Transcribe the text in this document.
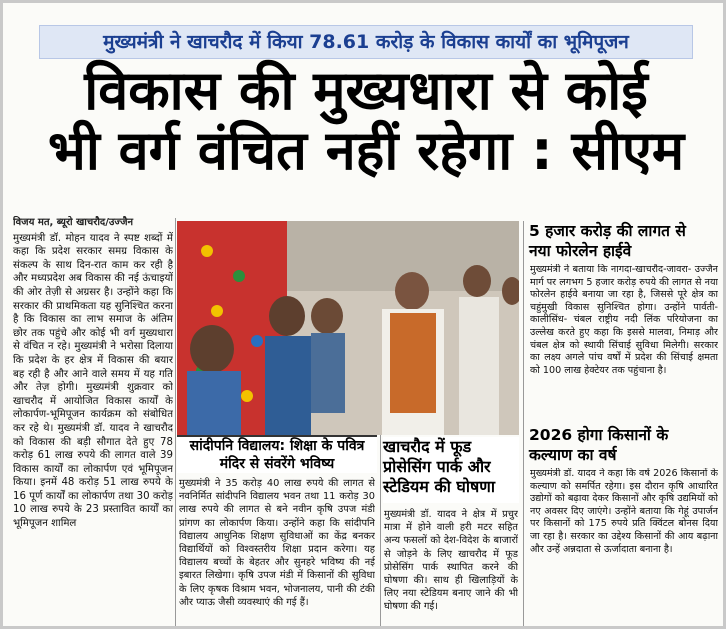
मुख्यमंत्री ने खाचरौद में किया 78.61 करोड़ के विकास कार्यों का भूमिपूजन
विकास की मुख्यधारा से कोई
भी वर्ग वंचित नहीं रहेगा : सीएम
विजय मत, ब्यूरो खाचरौद/उज्जैन

मुख्यमंत्री डॉ. मोहन यादव ने स्पष्ट शब्दों में कहा कि प्रदेश सरकार समग्र विकास के संकल्प के साथ दिन-रात काम कर रही है और मध्यप्रदेश अब विकास की नई ऊंचाइयों की ओर तेज़ी से अग्रसर है। उन्होंने कहा कि सरकार की प्राथमिकता यह सुनिश्चित करना है कि विकास का लाभ समाज के अंतिम छोर तक पहुंचे और कोई भी वर्ग मुख्यधारा से वंचित न रहे। मुख्यमंत्री ने भरोसा दिलाया कि प्रदेश के हर क्षेत्र में विकास की बयार बह रही है और आने वाले समय में यह गति और तेज़ होगी। मुख्यमंत्री शुक्रवार को खाचरौद में आयोजित विकास कार्यों के लोकार्पण-भूमिपूजन कार्यक्रम को संबोधित कर रहे थे। मुख्यमंत्री डॉ. यादव ने खाचरौद को विकास की बड़ी सौगात देते हुए 78 करोड़ 61 लाख रुपये की लागत वाले 39 विकास कार्यों का लोकार्पण एवं भूमिपूजन किया। इनमें 48 करोड़ 51 लाख रुपये के 16 पूर्ण कार्यों का लोकार्पण तथा 30 करोड़ 10 लाख रुपये के 23 प्रस्तावित कार्यों का भूमिपूजन शामिल

सांदीपनि विद्यालय: शिक्षा के पवित्र
मंदिर से संवरेंगे भविष्य

मुख्यमंत्री ने 35 करोड़ 40 लाख रुपये की लागत से नवनिर्मित सांदीपनि विद्यालय भवन तथा 11 करोड़ 30 लाख रुपये की लागत से बने नवीन कृषि उपज मंडी प्रांगण का लोकार्पण किया। उन्होंने कहा कि सांदीपनि विद्यालय आधुनिक शिक्षण सुविधाओं का केंद्र बनकर विद्यार्थियों को विश्वस्तरीय शिक्षा प्रदान करेगा। यह विद्यालय बच्चों के बेहतर और सुनहरे भविष्य की नई इबारत लिखेगा। कृषि उपज मंडी में किसानों की सुविधा के लिए कृषक विश्राम भवन, भोजनालय, पानी की टंकी और प्याऊ जैसी व्यवस्थाएं की गई हैं।

खाचरौद में फूड
प्रोसेसिंग पार्क और
स्टेडियम की घोषणा

मुख्यमंत्री डॉ. यादव ने क्षेत्र में प्रचुर मात्रा में होने वाली हरी मटर सहित अन्य फसलों को देश-विदेश के बाजारों से जोड़ने के लिए खाचरौद में फूड प्रोसेसिंग पार्क स्थापित करने की घोषणा की। साथ ही खिलाड़ियों के लिए नया स्टेडियम बनाए जाने की भी घोषणा की गई।

5 हजार करोड़ की लागत से
नया फोरलेन हाईवे

मुख्यमंत्री ने बताया कि नागदा-खाचरौद-जावरा- उज्जैन मार्ग पर लगभग 5 हजार करोड़ रुपये की लागत से नया फोरलेन हाईवे बनाया जा रहा है, जिससे पूरे क्षेत्र का चहुंमुखी विकास सुनिश्चित होगा। उन्होंने पार्वती- कालीसिंध- चंबल राष्ट्रीय नदी लिंक परियोजना का उल्लेख करते हुए कहा कि इससे मालवा, निमाड़ और चंबल क्षेत्र को स्थायी सिंचाई सुविधा मिलेगी। सरकार का लक्ष्य अगले पांच वर्षों में प्रदेश की सिंचाई क्षमता को 100 लाख हेक्टेयर तक पहुंचाना है।

2026 होगा किसानों के
कल्याण का वर्ष

मुख्यमंत्री डॉ. यादव ने कहा कि वर्ष 2026 किसानों के कल्याण को समर्पित रहेगा। इस दौरान कृषि आधारित उद्योगों को बढ़ावा देकर किसानों और कृषि उद्यमियों को नए अवसर दिए जाएंगे। उन्होंने बताया कि गेहूं उपार्जन पर किसानों को 175 रुपये प्रति क्विंटल बोनस दिया जा रहा है। सरकार का उद्देश्य किसानों की आय बढ़ाना और उन्हें अन्नदाता से ऊर्जादाता बनाना है।
